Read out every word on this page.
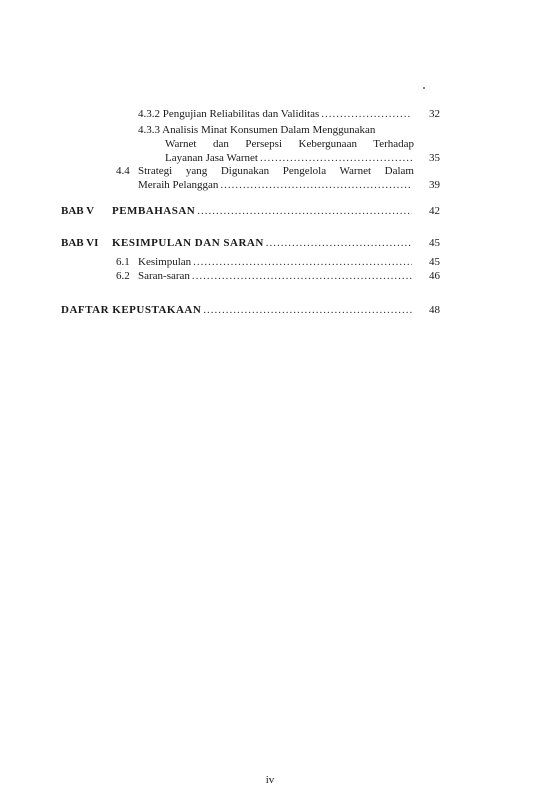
4.3.2 Pengujian Reliabilitas dan Validitas .....	32
4.3.3 Analisis Minat Konsumen Dalam Menggunakan
Warnet dan Persepsi Kebergunaan Terhadap
Layanan Jasa Warnet .....	35
4.4 Strategi yang Digunakan Pengelola Warnet Dalam
Meraih Pelanggan .....	39
BAB V PEMBAHASAN .....	42
BAB VI KESIMPULAN DAN SARAN .....	45
6.1 Kesimpulan .....	45
6.2 Saran-saran .....	46
DAFTAR KEPUSTAKAAN .....	48
iv
